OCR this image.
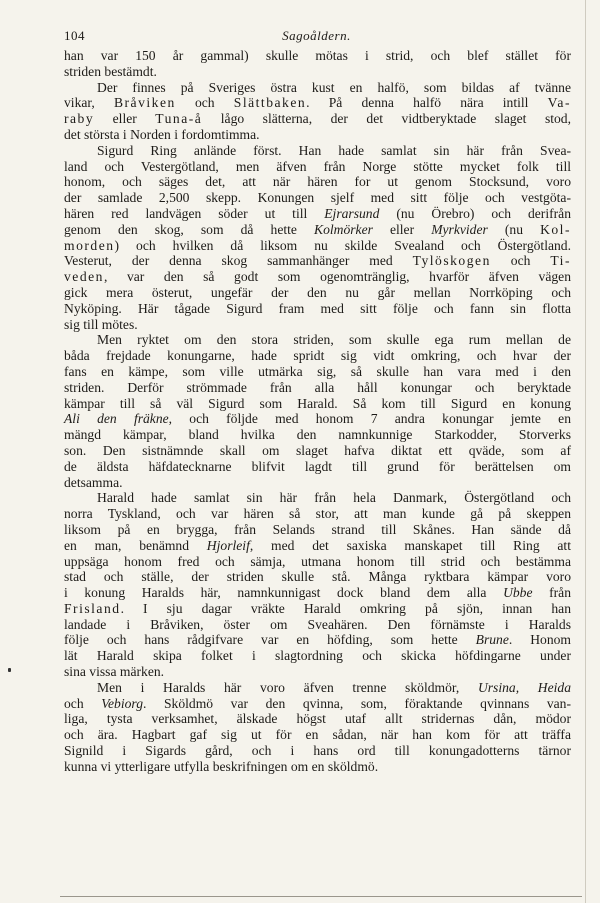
104	Sagoåldern.
han var 150 år gammal) skulle mötas i strid, och blef stället för
striden bestämdt.
Der finnes på Sveriges östra kust en halfö, som bildas af tvänne
vikar, Bråviken och Slättbaken. På denna halfö nära intill Va-
raby eller Tuna-å lågo slätterna, der det vidtberyktade slaget stod,
det största i Norden i fordomtimma.
Sigurd Ring anlände först. Han hade samlat sin här från Svea-
land och Vestergötland, men äfven från Norge stötte mycket folk till
honom, och säges det, att när hären for ut genom Stocksund, voro
der samlade 2,500 skepp. Konungen sjelf med sitt följe och vestgöta-
hären red landvägen söder ut till Ejrarsund (nu Örebro) och derifrån
genom den skog, som då hette Kolmörker eller Myrkvider (nu Kol-
morden) och hvilken då liksom nu skilde Svealand och Östergötland.
Vesterut, der denna skog sammanhänger med Tylöskogen och Ti-
veden, var den så godt som ogenomtränglig, hvarför äfven vägen
gick mera österut, ungefär der den nu går mellan Norrköping och
Nyköping. Här tågade Sigurd fram med sitt följe och fann sin flotta
sig till mötes.
Men ryktet om den stora striden, som skulle ega rum mellan de
båda frejdade konungarne, hade spridt sig vidt omkring, och hvar der
fans en kämpe, som ville utmärka sig, så skulle han vara med i den
striden. Derför strömmade från alla håll konungar och beryktade
kämpar till så väl Sigurd som Harald. Så kom till Sigurd en konung
Ali den fräkne, och följde med honom 7 andra konungar jemte en
mängd kämpar, bland hvilka den namnkunnige Starkodder, Storverks
son. Den sistnämnde skall om slaget hafva diktat ett qväde, som af
de äldsta häfdatecknarne blifvit lagdt till grund för berättelsen om
detsamma.
Harald hade samlat sin här från hela Danmark, Östergötland och
norra Tyskland, och var hären så stor, att man kunde gå på skeppen
liksom på en brygga, från Selands strand till Skånes. Han sände då
en man, benämnd Hjorleif, med det saxiska manskapet till Ring att
uppsäga honom fred och sämja, utmana honom till strid och bestämma
stad och ställe, der striden skulle stå. Många ryktbara kämpar voro
i konung Haralds här, namnkunnigast dock bland dem alla Ubbe från
Frisland. I sju dagar vräkte Harald omkring på sjön, innan han
landade i Bråviken, öster om Sveahären. Den förnämste i Haralds
följe och hans rådgifvare var en höfding, som hette Brune. Honom
lät Harald skipa folket i slagtordning och skicka höfdingarne under
sina vissa märken.
Men i Haralds här voro äfven trenne sköldmör, Ursina, Heida
och Vebiorg. Sköldmö var den qvinna, som, föraktande qvinnans van-
liga, tysta verksamhet, älskade högst utaf allt stridernas dån, mödor
och ära. Hagbart gaf sig ut för en sådan, när han kom för att träffa
Signild i Sigards gård, och i hans ord till konungadotterns tärnor
kunna vi ytterligare utfylla beskrifningen om en sköldmö.
